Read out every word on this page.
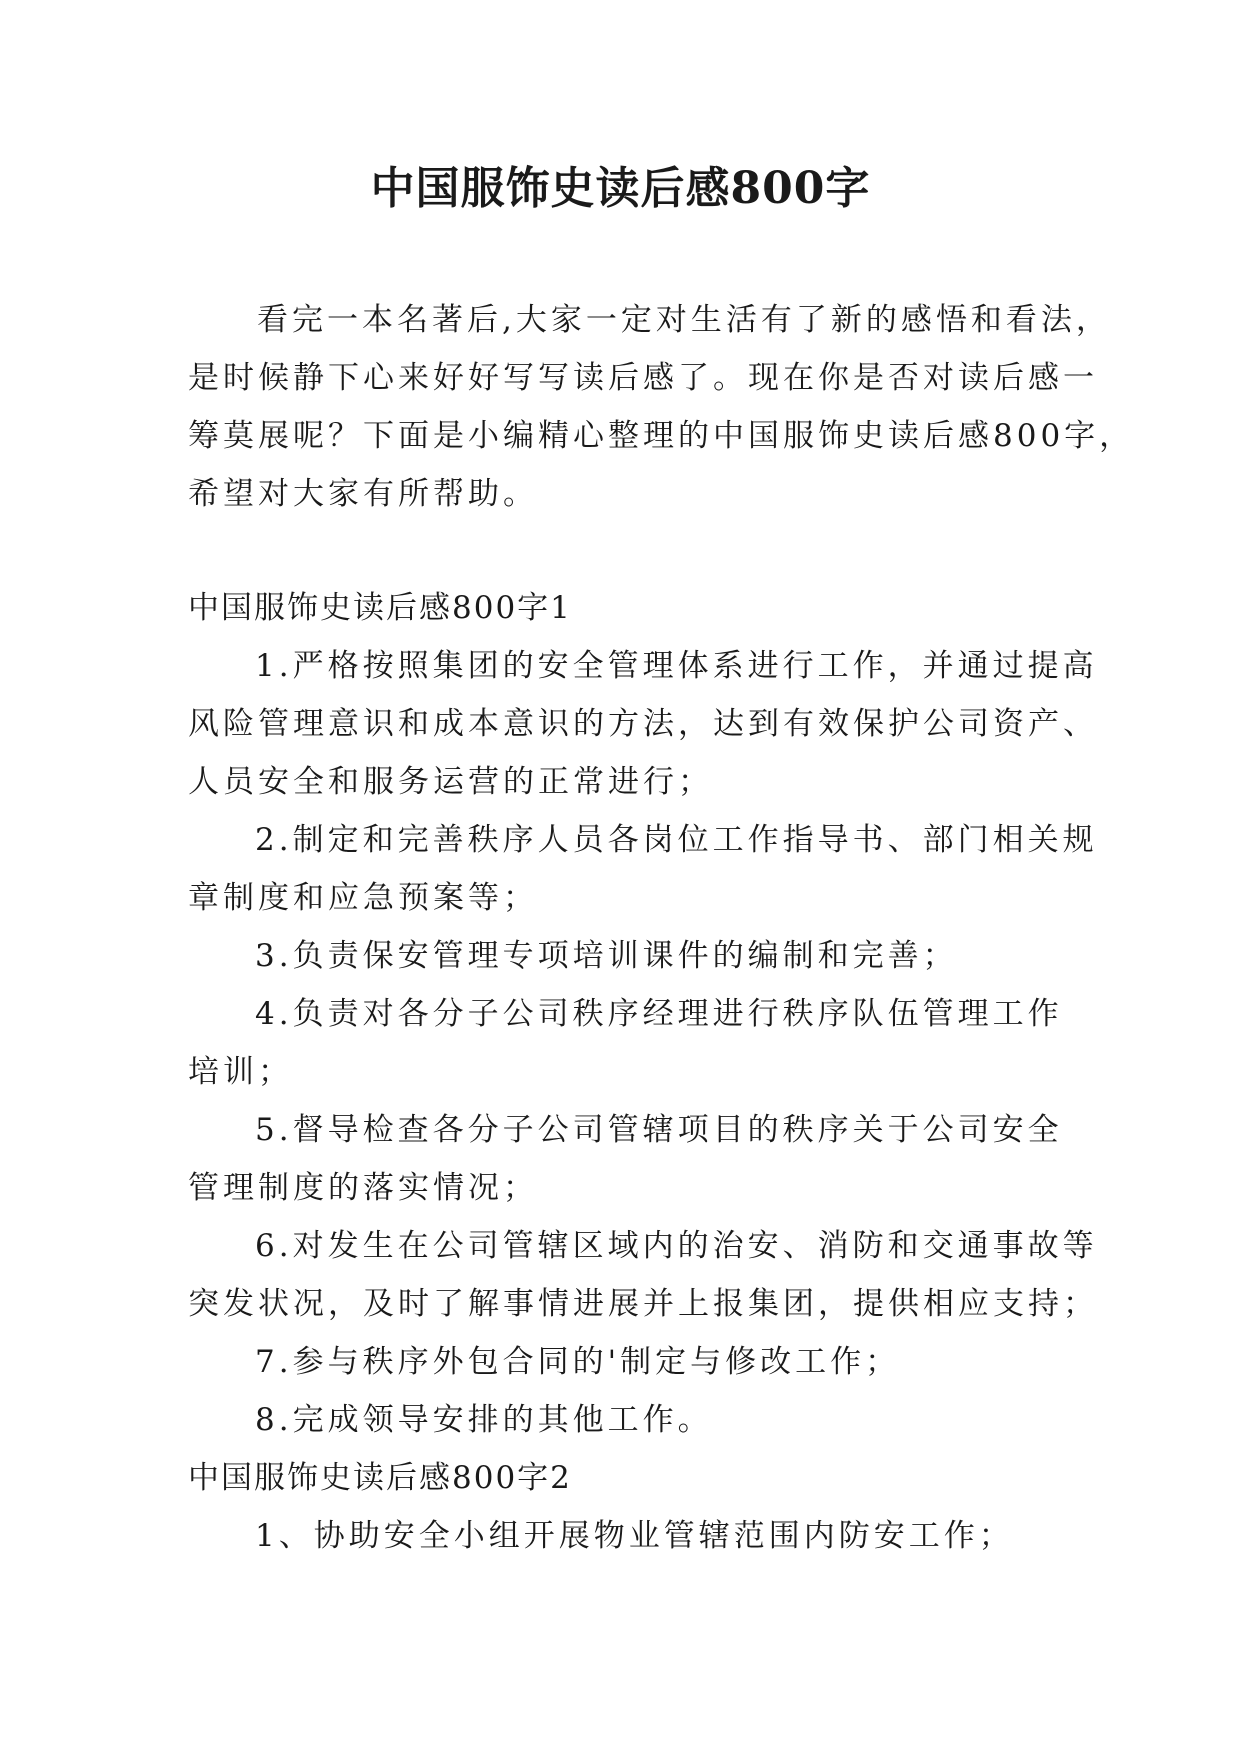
中国服饰史读后感800字
看完一本名著后,大家一定对生活有了新的感悟和看法，
是时候静下心来好好写写读后感了。现在你是否对读后感一
筹莫展呢？下面是小编精心整理的中国服饰史读后感800字，
希望对大家有所帮助。
中国服饰史读后感800字1
1.严格按照集团的安全管理体系进行工作，并通过提高
风险管理意识和成本意识的方法，达到有效保护公司资产、
人员安全和服务运营的正常进行；
2.制定和完善秩序人员各岗位工作指导书、部门相关规
章制度和应急预案等；
3.负责保安管理专项培训课件的编制和完善；
4.负责对各分子公司秩序经理进行秩序队伍管理工作
培训；
5.督导检查各分子公司管辖项目的秩序关于公司安全
管理制度的落实情况；
6.对发生在公司管辖区域内的治安、消防和交通事故等
突发状况，及时了解事情进展并上报集团，提供相应支持；
7.参与秩序外包合同的'制定与修改工作；
8.完成领导安排的其他工作。
中国服饰史读后感800字2
1、协助安全小组开展物业管辖范围内防安工作；
